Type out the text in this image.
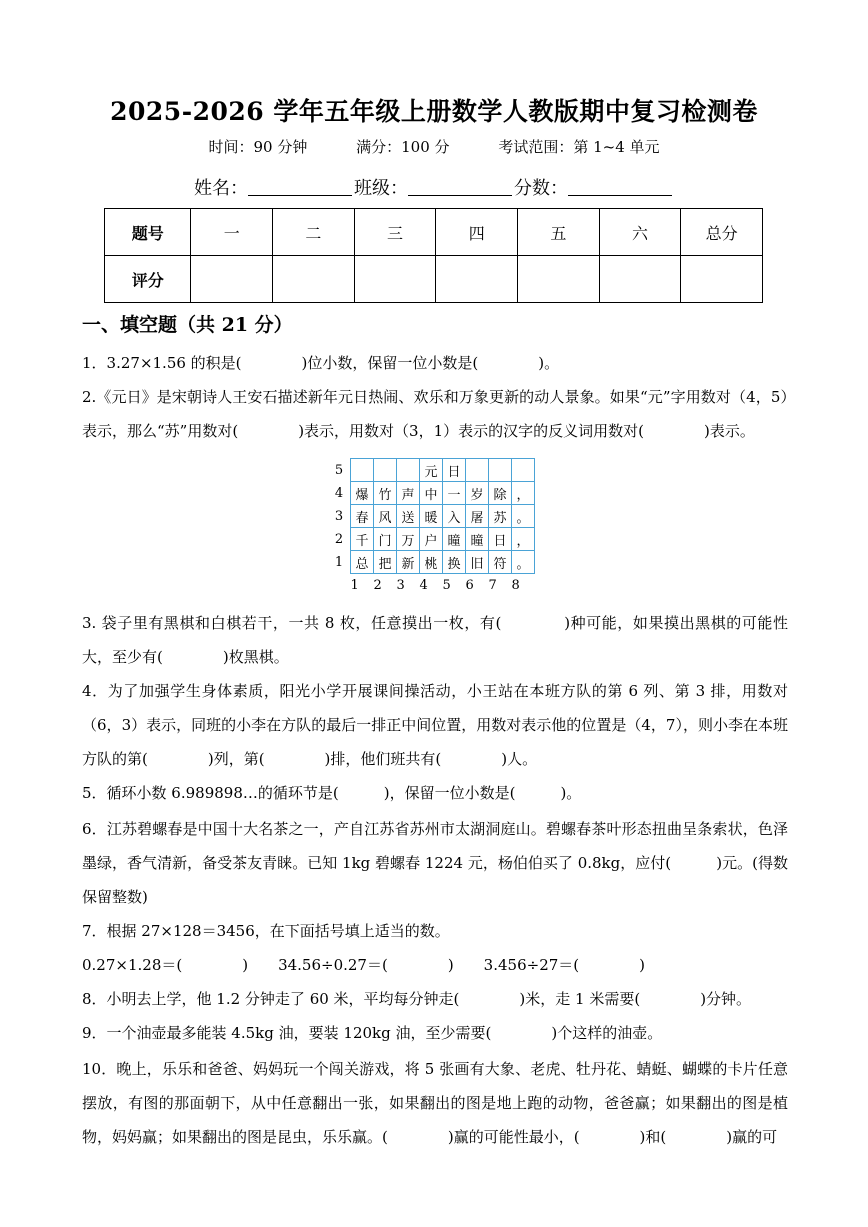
2025-2026 学年五年级上册数学人教版期中复习检测卷
时间：90 分钟	满分：100 分	考试范围：第 1~4 单元
姓名：	班级：	分数：
题号	一	二	三	四	五	六	总分
评分							
一、填空题（共 21 分）
1．3.27×1.56 的积是(　　　　)位小数，保留一位小数是(　　　　)。
2.《元日》是宋朝诗人王安石描述新年元日热闹、欢乐和万象更新的动人景象。如果“元”字用数对（4，5）表示，那么“苏”用数对(　　　　)表示，用数对（3，1）表示的汉字的反义词用数对(　　　　)表示。
5				元	日			
4	爆	竹	声	中	一	岁	除	，
3	春	风	送	暖	入	屠	苏	。
2	千	门	万	户	曈	曈	日	，
1	总	把	新	桃	换	旧	符	。
	1	2	3	4	5	6	7	8
3. 袋子里有黑棋和白棋若干，一共 8 枚，任意摸出一枚，有(　　　　)种可能，如果摸出黑棋的可能性大，至少有(　　　　)枚黑棋。
4．为了加强学生身体素质，阳光小学开展课间操活动，小王站在本班方队的第 6 列、第 3 排，用数对（6，3）表示，同班的小李在方队的最后一排正中间位置，用数对表示他的位置是（4，7），则小李在本班方队的第(　　　　)列，第(　　　　)排，他们班共有(　　　　)人。
5．循环小数 6.989898…的循环节是(　　　)，保留一位小数是(　　　)。
6．江苏碧螺春是中国十大名茶之一，产自江苏省苏州市太湖洞庭山。碧螺春茶叶形态扭曲呈条索状，色泽墨绿，香气清新，备受茶友青睐。已知 1kg 碧螺春 1224 元，杨伯伯买了 0.8kg，应付(　　　)元。(得数保留整数)
7．根据 27×128＝3456，在下面括号填上适当的数。
0.27×1.28＝(　　　　)　　34.56÷0.27＝(　　　　)　　3.456÷27＝(　　　　)
8．小明去上学，他 1.2 分钟走了 60 米，平均每分钟走(　　　　)米，走 1 米需要(　　　　)分钟。
9．一个油壶最多能装 4.5kg 油，要装 120kg 油，至少需要(　　　　)个这样的油壶。
10．晚上，乐乐和爸爸、妈妈玩一个闯关游戏，将 5 张画有大象、老虎、牡丹花、蜻蜓、蝴蝶的卡片任意摆放，有图的那面朝下，从中任意翻出一张，如果翻出的图是地上跑的动物，爸爸赢；如果翻出的图是植物，妈妈赢；如果翻出的图是昆虫，乐乐赢。(　　　　)赢的可能性最小，(　　　　)和(　　　　)赢的可
